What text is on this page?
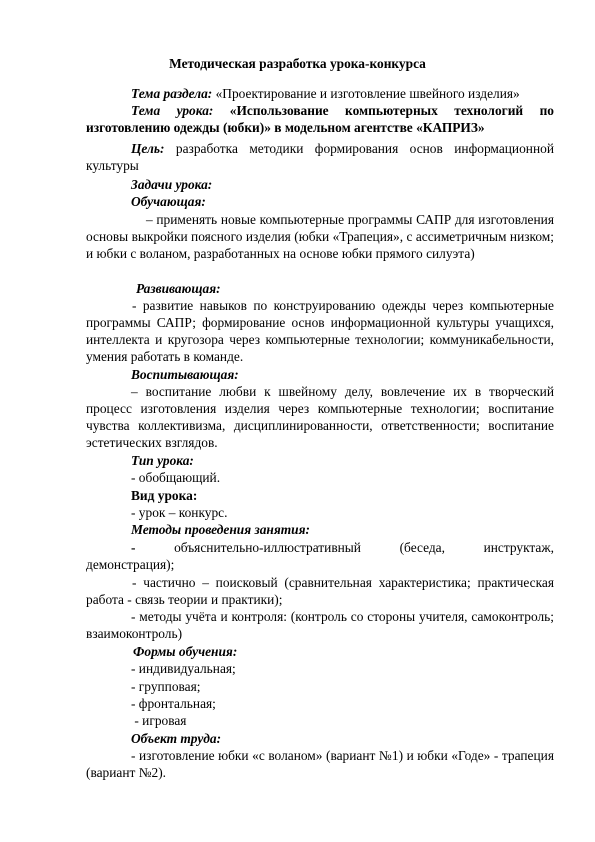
Методическая разработка урока-конкурса
Тема раздела: «Проектирование и изготовление швейного изделия»
Тема урока: «Использование компьютерных технологий по изготовлению одежды (юбки)» в модельном агентстве «КАПРИЗ»
Цель: разработка методики формирования основ информационной культуры
Задачи урока:
Обучающая:
– применять новые компьютерные программы САПР для изготовления основы выкройки поясного изделия (юбки «Трапеция», с ассиметричным низком; и юбки с воланом, разработанных на основе юбки прямого силуэта)
Развивающая:
- развитие навыков по конструированию одежды через компьютерные программы САПР; формирование основ информационной культуры учащихся, интеллекта и кругозора через компьютерные технологии; коммуникабельности, умения работать в команде.
Воспитывающая:
– воспитание любви к швейному делу, вовлечение их в творческий процесс изготовления изделия через компьютерные технологии; воспитание чувства коллективизма, дисциплинированности, ответственности; воспитание эстетических взглядов.
Тип урока:
- обобщающий.
Вид урока:
- урок – конкурс.
Методы проведения занятия:
-	объяснительно-иллюстративный	(беседа,	инструктаж,
демонстрация);
- частично – поисковый (сравнительная характеристика; практическая работа - связь теории и практики);
- методы учёта и контроля: (контроль со стороны учителя, самоконтроль; взаимоконтроль)
Формы обучения:
- индивидуальная;
- групповая;
- фронтальная;
- игровая
Объект труда:
- изготовление юбки «с воланом» (вариант №1) и юбки «Годе» - трапеция (вариант №2).
